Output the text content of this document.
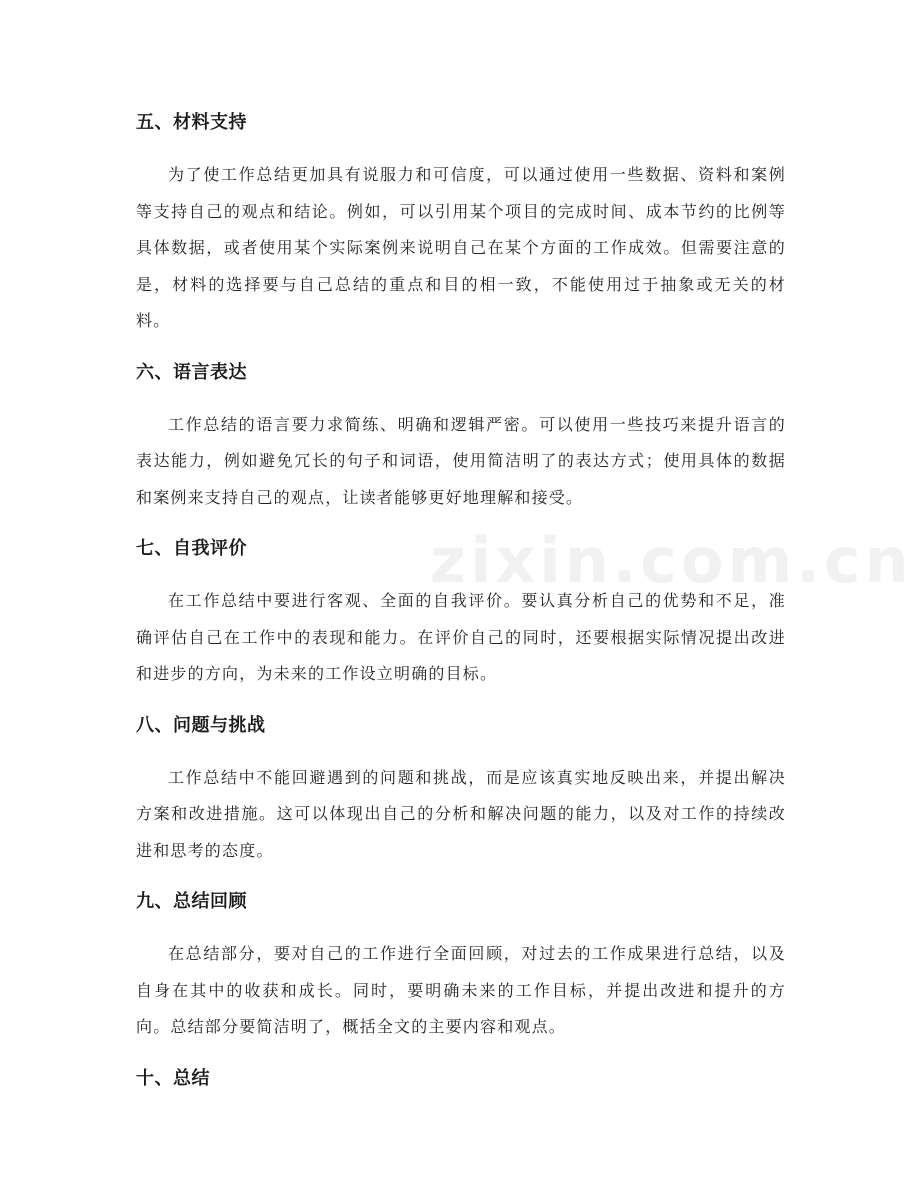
五、材料支持

为了使工作总结更加具有说服力和可信度，可以通过使用一些数据、资料和案例等支持自己的观点和结论。例如，可以引用某个项目的完成时间、成本节约的比例等具体数据，或者使用某个实际案例来说明自己在某个方面的工作成效。但需要注意的是，材料的选择要与自己总结的重点和目的相一致，不能使用过于抽象或无关的材料。

六、语言表达

工作总结的语言要力求简练、明确和逻辑严密。可以使用一些技巧来提升语言的表达能力，例如避免冗长的句子和词语，使用简洁明了的表达方式；使用具体的数据和案例来支持自己的观点，让读者能够更好地理解和接受。

七、自我评价

在工作总结中要进行客观、全面的自我评价。要认真分析自己的优势和不足，准确评估自己在工作中的表现和能力。在评价自己的同时，还要根据实际情况提出改进和进步的方向，为未来的工作设立明确的目标。

八、问题与挑战

工作总结中不能回避遇到的问题和挑战，而是应该真实地反映出来，并提出解决方案和改进措施。这可以体现出自己的分析和解决问题的能力，以及对工作的持续改进和思考的态度。

九、总结回顾

在总结部分，要对自己的工作进行全面回顾，对过去的工作成果进行总结，以及自身在其中的收获和成长。同时，要明确未来的工作目标，并提出改进和提升的方向。总结部分要简洁明了，概括全文的主要内容和观点。

十、总结
zixin.com.cn
